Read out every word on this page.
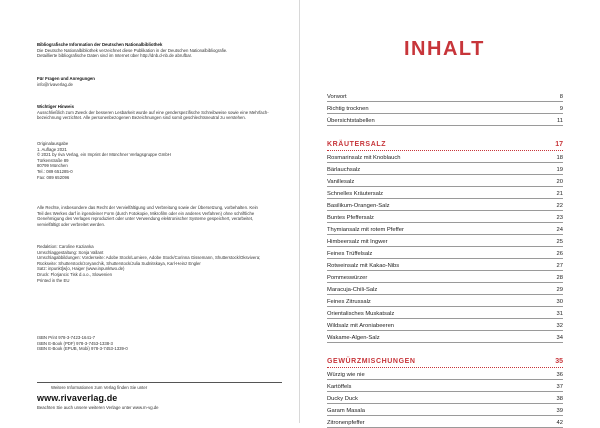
Bibliografische Information der Deutschen Nationalbibliothek
Die Deutsche Nationalbibliothek verzeichnet diese Publikation in der Deutschen Nationalbibliografie.
Detaillierte bibliografische Daten sind im Internet über http://dnb.d-nb.de abrufbar.
Für Fragen und Anregungen
info@rivaverlag.de
Wichtiger Hinweis
Ausschließlich zum Zweck der besseren Lesbarkeit wurde auf eine genderspezifische Schreibweise sowie eine Mehrfach-
bezeichnung verzichtet. Alle personenbezogenen Bezeichnungen sind somit geschlechtsneutral zu verstehen.
Originalausgabe
1. Auflage 2021
© 2021 by riva Verlag, ein Imprint der Münchner Verlagsgruppe GmbH
Türkenstraße 89
80799 München
Tel.: 089 651285-0
Fax: 089 652096
Alle Rechte, insbesondere das Recht der Vervielfältigung und Verbreitung sowie der Übersetzung, vorbehalten. Kein
Teil des Werkes darf in irgendeiner Form (durch Fotokopie, Mikrofilm oder ein anderes Verfahren) ohne schriftliche
Genehmigung des Verlages reproduziert oder unter Verwendung elektronischer Systeme gespeichert, verarbeitet,
vervielfältigt oder verbreitet werden.
Redaktion: Caroline Kazianka
Umschlaggestaltung: Sonja Vallant
Umschlagabbildungen: Vorderseite: Adobe Stock/Lumiere, Adobe Stock/Corinna Gissemann, Shutterstock/Oksvivera;
Rückseite: Shutterstock/zoryanchik, Shutterstock/Julia Sudnitskaya, Karl-Heinz Engler
Satz: inpunkt[w]o, Haiger (www.inpunktwo.de)
Druck: Florjancic Tisk d.o.o., Slowenien
Printed in the EU
ISBN Print 978-3-7423-1641-7
ISBN E-Book (PDF) 978-3-7453-1338-3
ISBN E-Book (EPUB, Mobi) 978-3-7453-1339-0
Weitere Informationen zum Verlag finden Sie unter
www.rivaverlag.de
Beachten Sie auch unsere weiteren Verlage unter www.m-vg.de
INHALT
Vorwort	8
Richtig trocknen	9
Übersichtstabellen	11
KRÄUTERSALZ	17
Rosmarinsalz mit Knoblauch	18
Bärlauchsalz	19
Vanillesalz	20
Schnelles Kräutersalz	21
Basilikum-Orangen-Salz	22
Buntes Pfeffersalz	23
Thymiansalz mit rotem Pfeffer	24
Himbeersalz mit Ingwer	25
Feines Trüffelsalz	26
Rotweinsalz mit Kakao-Nibs	27
Pommeswürzer	28
Maracuja-Chili-Salz	29
Feines Zitrussalz	30
Orientalisches Muskatsalz	31
Wildsalz mit Aroniabeeren	32
Wakame-Algen-Salz	34
GEWÜRZMISCHUNGEN	35
Würzig wie nie	36
Kartöffels	37
Ducky Duck	38
Garam Masala	39
Zitronenpfeffer	42
